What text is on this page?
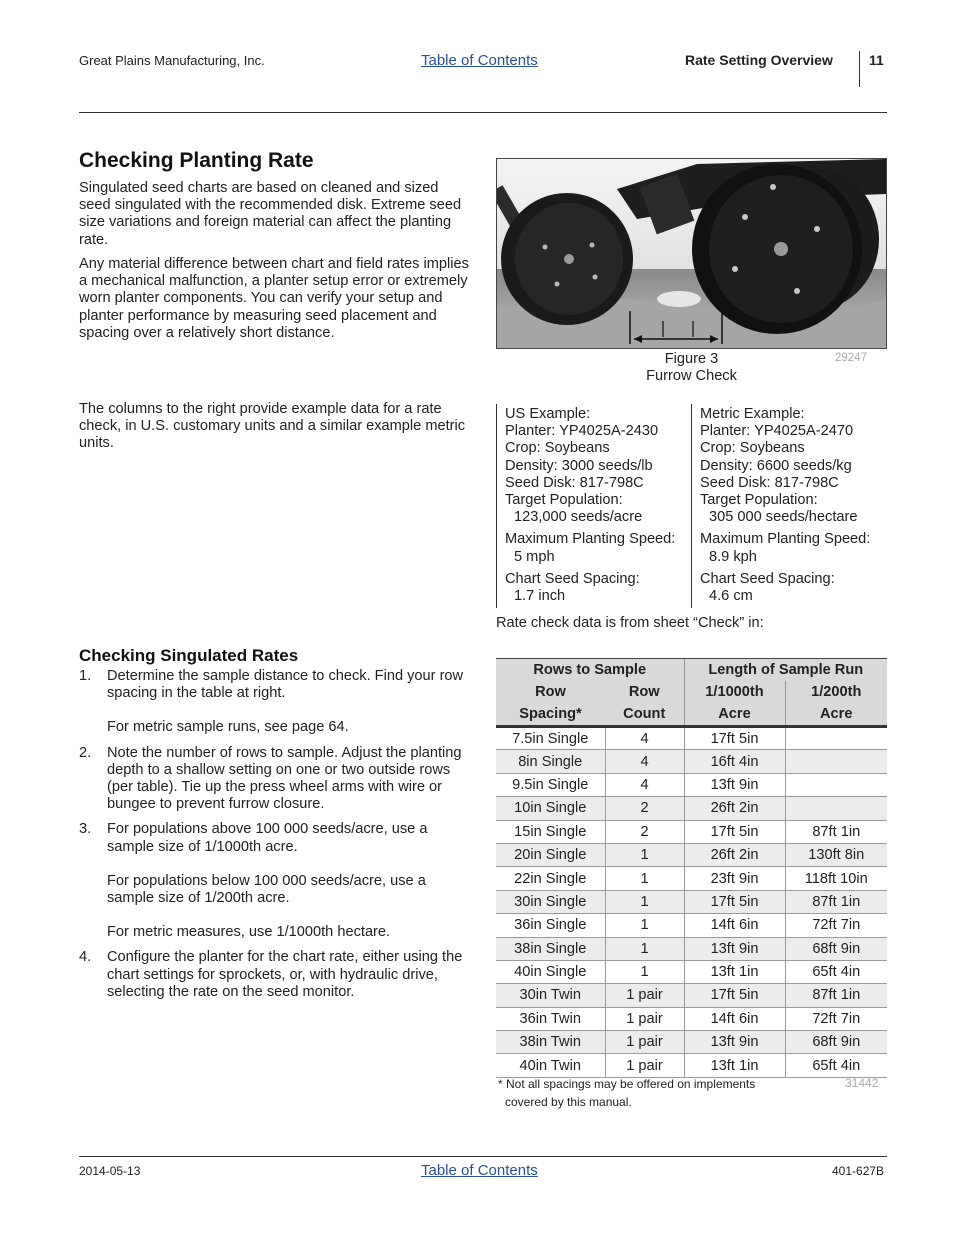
Great Plains Manufacturing, Inc.	Table of Contents	Rate Setting Overview	11
Checking Planting Rate

Singulated seed charts are based on cleaned and sized seed singulated with the recommended disk. Extreme seed size variations and foreign material can affect the planting rate.

Any material difference between chart and field rates implies a mechanical malfunction, a planter setup error or extremely worn planter components. You can verify your setup and planter performance by measuring seed placement and spacing over a relatively short distance.

The columns to the right provide example data for a rate check, in U.S. customary units and a similar example metric units.

Figure 3
Furrow Check
29247
US Example:
Planter: YP4025A-2430
Crop: Soybeans
Density: 3000 seeds/lb
Seed Disk: 817-798C
Target Population:
123,000 seeds/acre
Maximum Planting Speed:
5 mph
Chart Seed Spacing:
1.7 inch
Metric Example:
Planter: YP4025A-2470
Crop: Soybeans
Density: 6600 seeds/kg
Seed Disk: 817-798C
Target Population:
305 000 seeds/hectare
Maximum Planting Speed:
8.9 kph
Chart Seed Spacing:
4.6 cm
Rate check data is from sheet “Check” in:
Checking Singulated Rates
1. Determine the sample distance to check. Find your row spacing in the table at right.
For metric sample runs, see page 64.
2. Note the number of rows to sample. Adjust the planting depth to a shallow setting on one or two outside rows (per table). Tie up the press wheel arms with wire or bungee to prevent furrow closure.
3. For populations above 100 000 seeds/acre, use a sample size of 1/1000th acre.
For populations below 100 000 seeds/acre, use a sample size of 1/200th acre.
For metric measures, use 1/1000th hectare.
4. Configure the planter for the chart rate, either using the chart settings for sprockets, or, with hydraulic drive, selecting the rate on the seed monitor.
Rows to Sample		Length of Sample Run	
Row	Row	1/1000th	1/200th
Spacing*	Count	Acre	Acre
7.5in Single	4	17ft 5in	
8in Single	4	16ft 4in	
9.5in Single	4	13ft 9in	
10in Single	2	26ft 2in	
15in Single	2	17ft 5in	87ft 1in
20in Single	1	26ft 2in	130ft 8in
22in Single	1	23ft 9in	118ft 10in
30in Single	1	17ft 5in	87ft 1in
36in Single	1	14ft 6in	72ft 7in
38in Single	1	13ft 9in	68ft 9in
40in Single	1	13ft 1in	65ft 4in
30in Twin	1 pair	17ft 5in	87ft 1in
36in Twin	1 pair	14ft 6in	72ft 7in
38in Twin	1 pair	13ft 9in	68ft 9in
40in Twin	1 pair	13ft 1in	65ft 4in
* Not all spacings may be offered on implements
covered by this manual.
31442
2014-05-13	Table of Contents	401-627B
